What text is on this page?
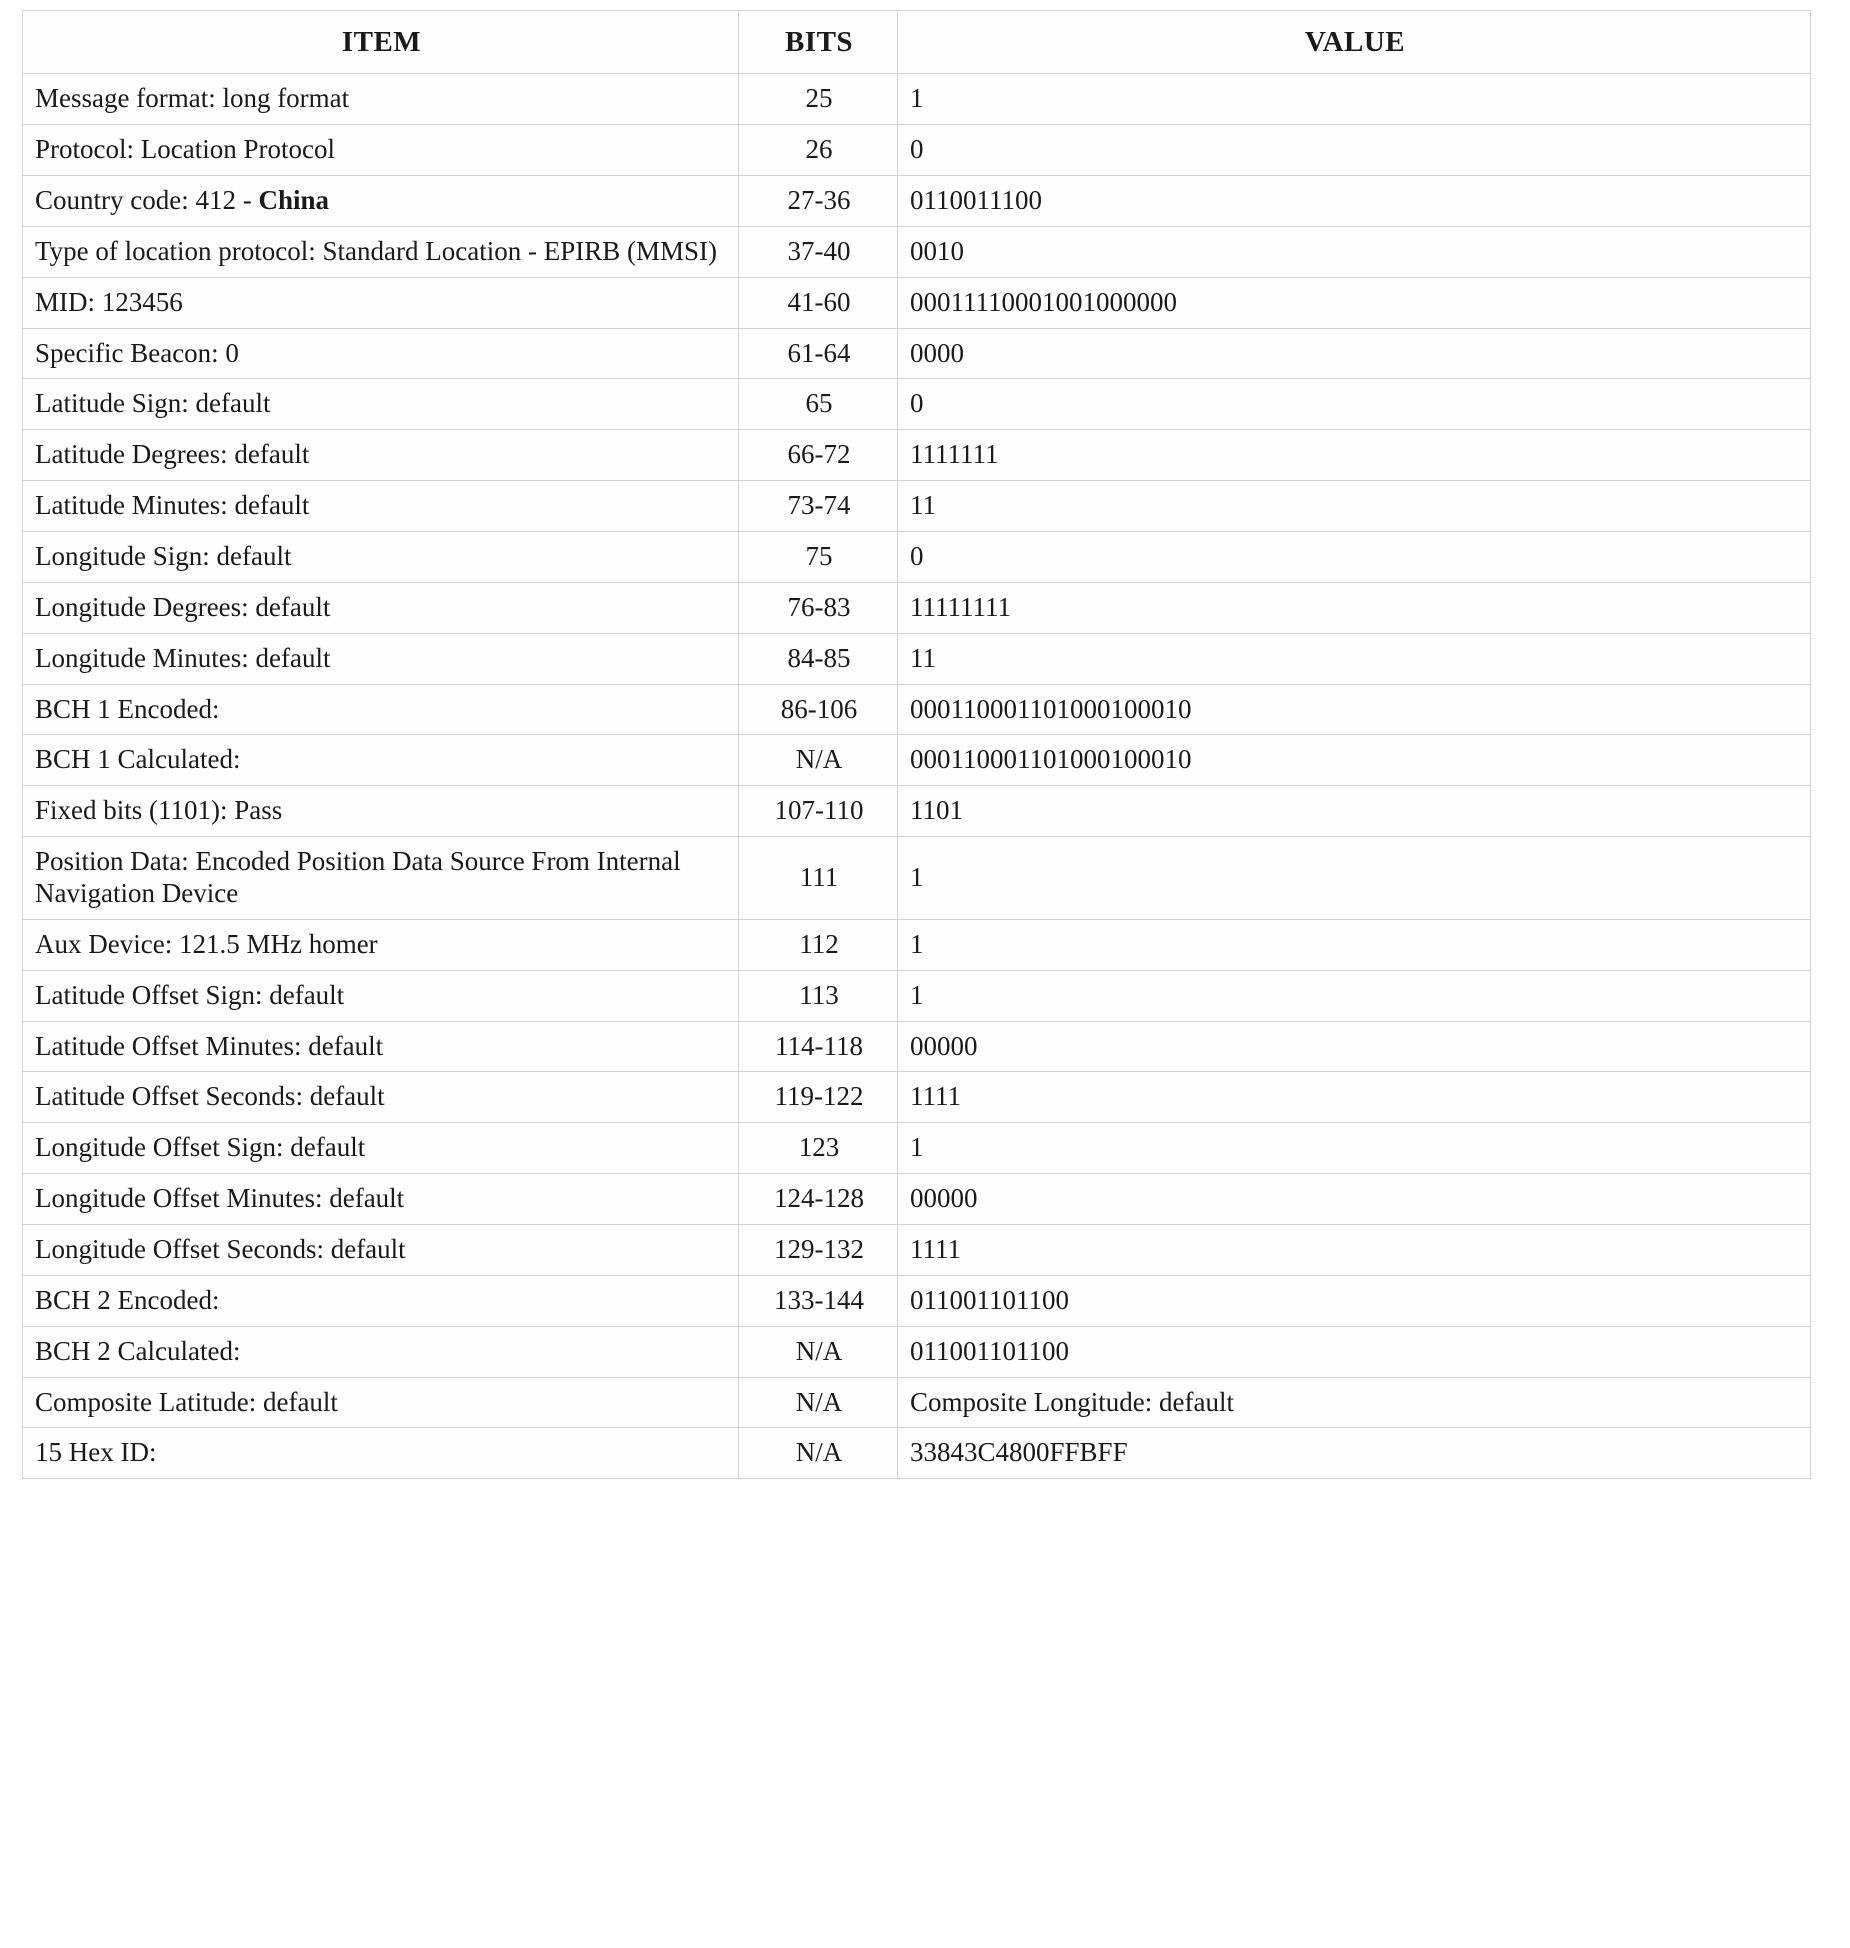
ITEM	BITS	VALUE
Message format: long format	25	1
Protocol: Location Protocol	26	0
Country code: 412 - China	27-36	0110011100
Type of location protocol: Standard Location - EPIRB (MMSI)	37-40	0010
MID: 123456	41-60	00011110001001000000
Specific Beacon: 0	61-64	0000
Latitude Sign: default	65	0
Latitude Degrees: default	66-72	1111111
Latitude Minutes: default	73-74	11
Longitude Sign: default	75	0
Longitude Degrees: default	76-83	11111111
Longitude Minutes: default	84-85	11
BCH 1 Encoded:	86-106	000110001101000100010
BCH 1 Calculated:	N/A	000110001101000100010
Fixed bits (1101): Pass	107-110	1101
Position Data: Encoded Position Data Source From Internal Navigation Device	111	1
Aux Device: 121.5 MHz homer	112	1
Latitude Offset Sign: default	113	1
Latitude Offset Minutes: default	114-118	00000
Latitude Offset Seconds: default	119-122	1111
Longitude Offset Sign: default	123	1
Longitude Offset Minutes: default	124-128	00000
Longitude Offset Seconds: default	129-132	1111
BCH 2 Encoded:	133-144	011001101100
BCH 2 Calculated:	N/A	011001101100
Composite Latitude: default	N/A	Composite Longitude: default
15 Hex ID:	N/A	33843C4800FFBFF
